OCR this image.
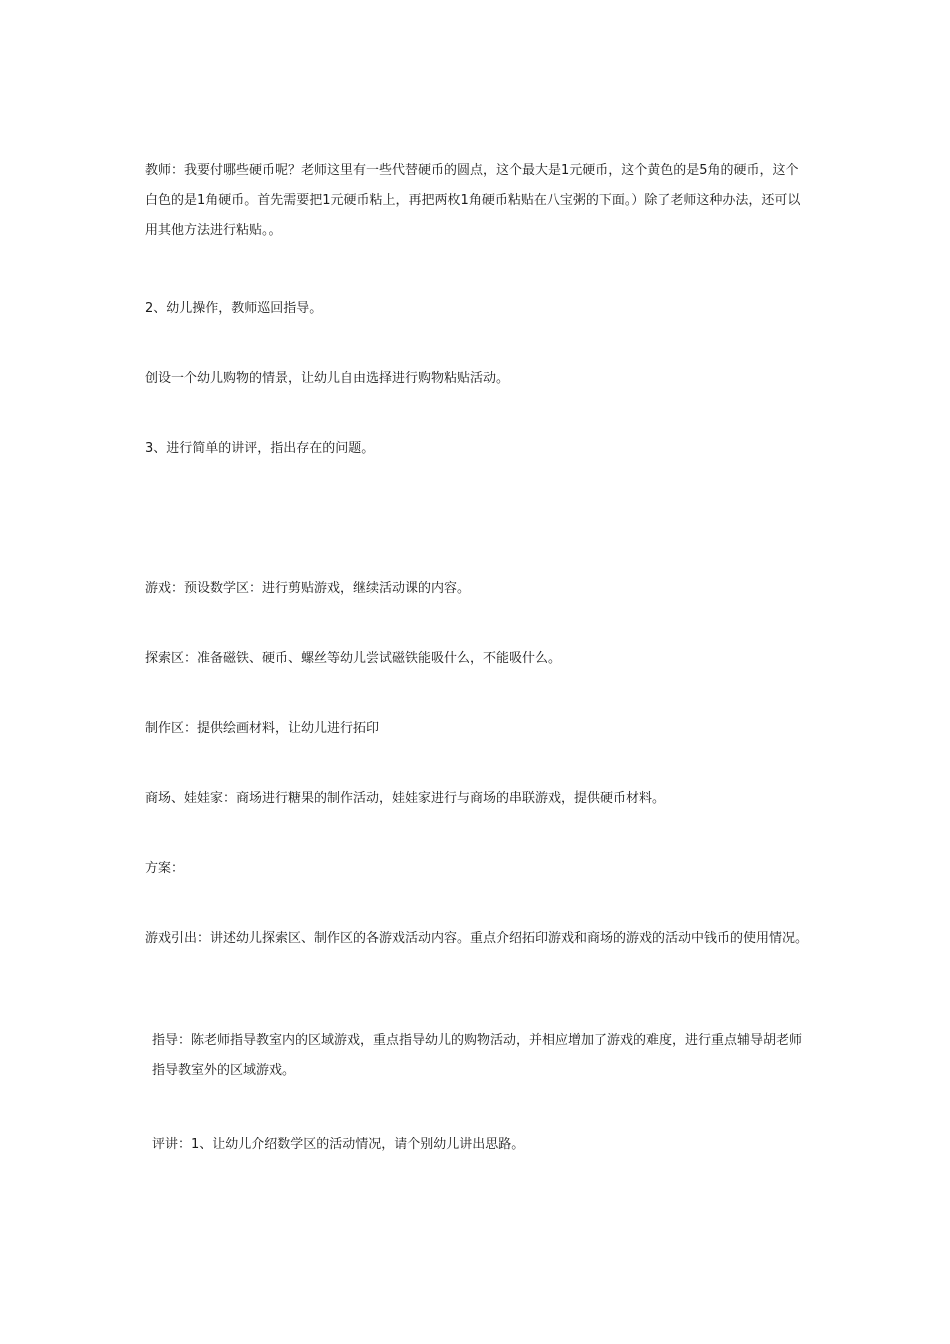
教师：我要付哪些硬币呢？老师这里有一些代替硬币的圆点，这个最大是1元硬币，这个黄色的是5角的硬币，这个白色的是1角硬币。首先需要把1元硬币粘上，再把两枚1角硬币粘贴在八宝粥的下面。）除了老师这种办法，还可以用其他方法进行粘贴。。

2、幼儿操作，教师巡回指导。

创设一个幼儿购物的情景，让幼儿自由选择进行购物粘贴活动。

3、进行简单的讲评，指出存在的问题。

游戏：预设数学区：进行剪贴游戏，继续活动课的内容。

探索区：准备磁铁、硬币、螺丝等幼儿尝试磁铁能吸什么，不能吸什么。

制作区：提供绘画材料，让幼儿进行拓印

商场、娃娃家：商场进行糖果的制作活动，娃娃家进行与商场的串联游戏，提供硬币材料。

方案：

游戏引出：讲述幼儿探索区、制作区的各游戏活动内容。重点介绍拓印游戏和商场的游戏的活动中钱币的使用情况。

指导：陈老师指导教室内的区域游戏，重点指导幼儿的购物活动，并相应增加了游戏的难度，进行重点辅导胡老师指导教室外的区域游戏。

评讲：1、让幼儿介绍数学区的活动情况，请个别幼儿讲出思路。
